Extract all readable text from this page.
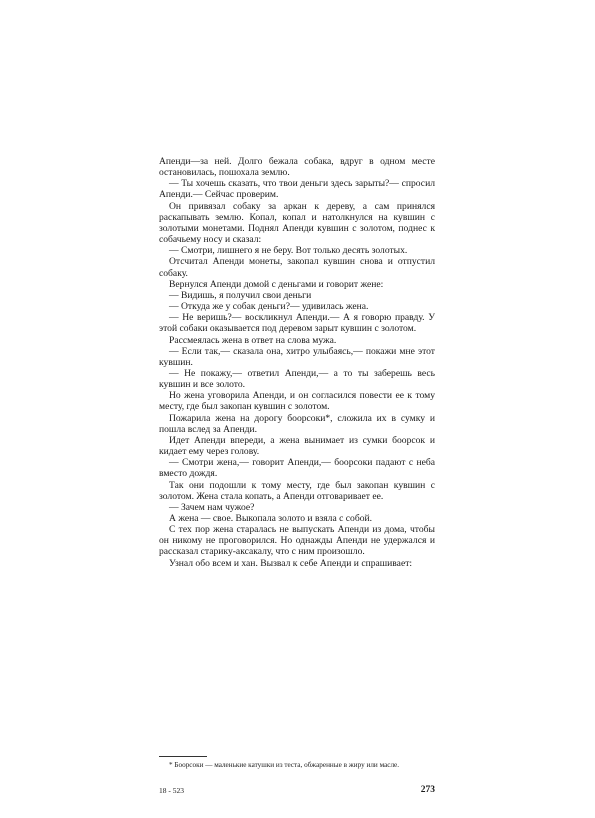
Апенди—за ней. Долго бежала собака, вдруг в одном месте остановилась, пошохала землю.

— Ты хочешь сказать, что твои деньги здесь зарыты?— спросил Апенди.— Сейчас проверим.

Он привязал собаку за аркан к дереву, а сам принялся раскапывать землю. Копал, копал и натолкнулся на кувшин с золотыми монетами. Поднял Апенди кувшин с золотом, поднес к собачьему носу и сказал:

— Смотри, лишнего я не беру. Вот только десять золотых.

Отсчитал Апенди монеты, закопал кувшин снова и отпустил собаку.

Вернулся Апенди домой с деньгами и говорит жене:

— Видишь, я получил свои деньги

— Откуда же у собак деньги?— удивилась жена.

— Не веришь?— воскликнул Апенди.— А я говорю правду. У этой собаки оказывается под деревом зарыт кувшин с золотом.

Рассмеялась жена в ответ на слова мужа.

— Если так,— сказала она, хитро улыбаясь,— покажи мне этот кувшин.

— Не покажу,— ответил Апенди,— а то ты заберешь весь кувшин и все золото.

Но жена уговорила Апенди, и он согласился повести ее к тому месту, где был закопан кувшин с золотом.

Пожарила жена на дорогу боорсоки*, сложила их в сумку и пошла вслед за Апенди.

Идет Апенди впереди, а жена вынимает из сумки боорсок и кидает ему через голову.

— Смотри жена,— говорит Апенди,— боорсоки падают с неба вместо дождя.

Так они подошли к тому месту, где был закопан кувшин с золотом. Жена стала копать, а Апенди отговаривает ее.

— Зачем нам чужое?

А жена — свое. Выкопала золото и взяла с собой.

С тех пор жена старалась не выпускать Апенди из дома, чтобы он никому не проговорился. Но однажды Апенди не удержался и рассказал старику-аксакалу, что с ним произошло.

Узнал обо всем и хан. Вызвал к себе Апенди и спрашивает:

* Боорсоки — маленькие катушки из теста, обжаренные в жиру или масле.
18 - 523	273
